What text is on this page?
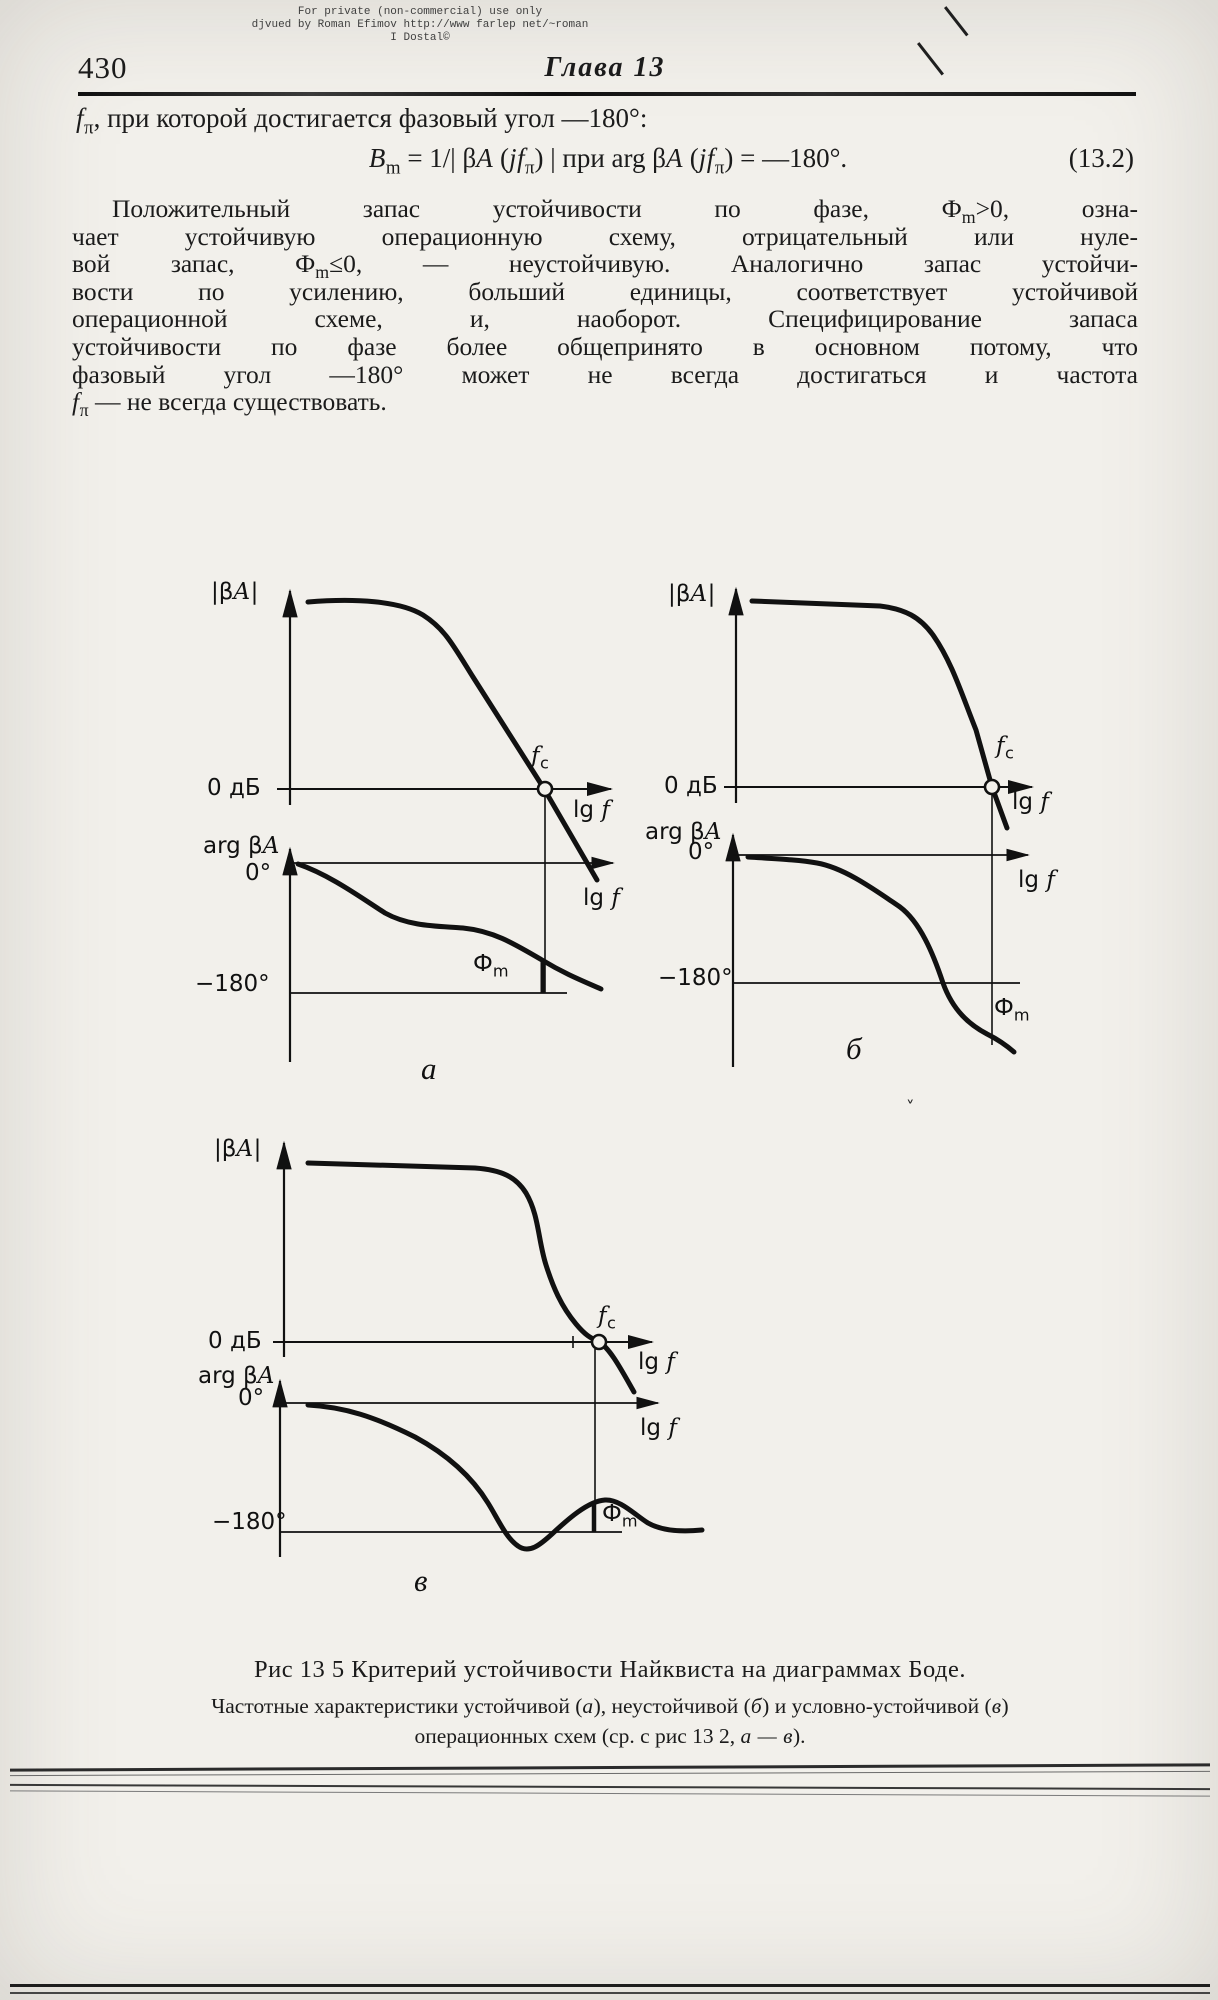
For private (non-commercial) use only
djvued by Roman Efimov http://www farlep net/~roman
I Dostal©
430	Глава 13
$f_\pi$, при которой достигается фазовый угол —180°:
$B_m = 1/|$ βA $(jf_\pi)$ | при arg βA $(jf_\pi)$ = —180°.	(13.2)
Положительный запас устойчивости по фазе, $Ф_m>0$, озна-
чает устойчивую операционную схему, отрицательный или нуле-
вой запас, $Ф_m\le 0$, — неустойчивую. Аналогично запас устойчи-
вости по усилению, больший единицы, соответствует устойчивой
операционной схеме, и, наоборот. Специфицирование запаса
устойчивости по фазе более общепринято в основном потому, что
фазовый угол —180° может не всегда достигаться и частота
$f_\pi$ — не всегда существовать.
|βA|
0 дБ
$f_c$
lg f
arg βA
0°
lg f
−180°
$Ф_m$
а
|βA|
0 дБ
$f_c$
lg f
arg βA
0°
lg f
−180°
$Ф_m$
б
˅
|βA|
0 дБ
$f_c$
lg f
arg βA
0°
lg f
−180°	$Ф_m$
в
Рис 13 5 Критерий устойчивости Найквиста на диаграммах Боде.
Частотные характеристики устойчивой (а), неустойчивой (б) и условно-устойчивой (в)
операционных схем (ср. с рис 13 2, а — в).
